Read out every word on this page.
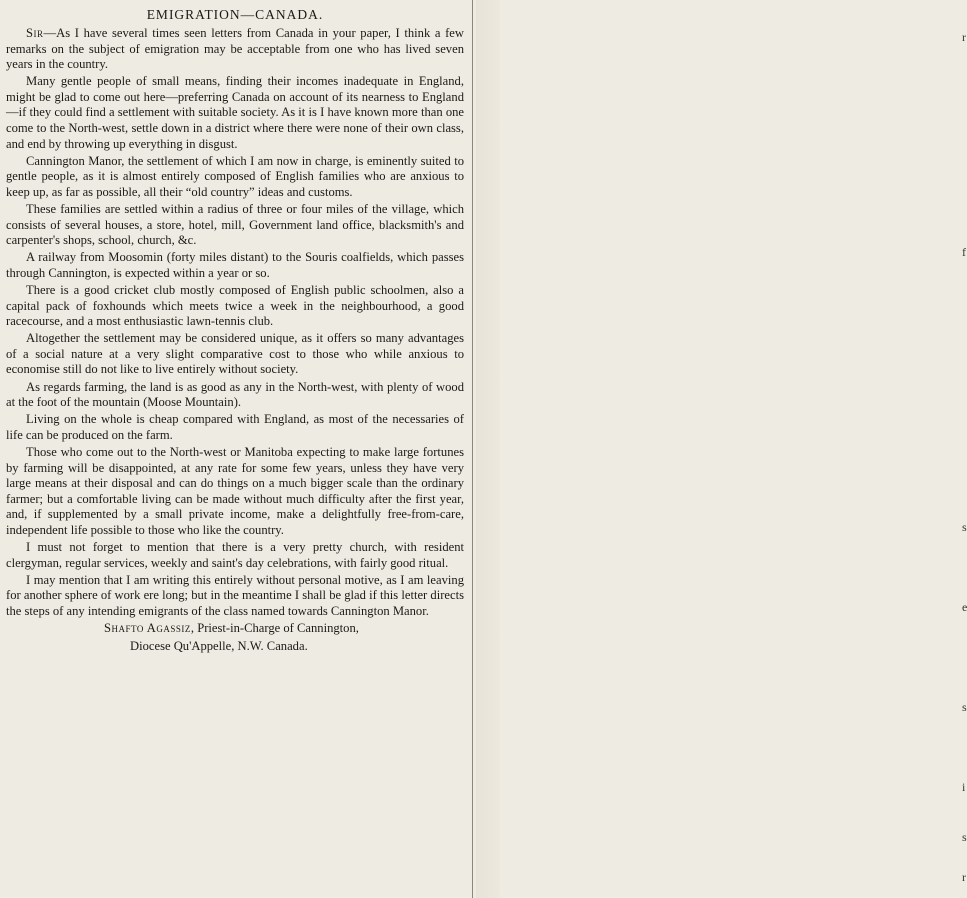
EMIGRATION—CANADA.

Sir—As I have several times seen letters from Canada in your paper, I think a few remarks on the subject of emigration may be acceptable from one who has lived seven years in the country.

Many gentle people of small means, finding their incomes inadequate in England, might be glad to come out here—preferring Canada on account of its nearness to England—if they could find a settlement with suitable society. As it is I have known more than one come to the North-west, settle down in a district where there were none of their own class, and end by throwing up everything in disgust.

Cannington Manor, the settlement of which I am now in charge, is eminently suited to gentle people, as it is almost entirely composed of English families who are anxious to keep up, as far as possible, all their “old country” ideas and customs.

These families are settled within a radius of three or four miles of the village, which consists of several houses, a store, hotel, mill, Government land office, blacksmith's and carpenter's shops, school, church, &c.

A railway from Moosomin (forty miles distant) to the Souris coalfields, which passes through Cannington, is expected within a year or so.

There is a good cricket club mostly composed of English public schoolmen, also a capital pack of foxhounds which meets twice a week in the neighbourhood, a good racecourse, and a most enthusiastic lawn-tennis club.

Altogether the settlement may be considered unique, as it offers so many advantages of a social nature at a very slight comparative cost to those who while anxious to economise still do not like to live entirely without society.

As regards farming, the land is as good as any in the North-west, with plenty of wood at the foot of the mountain (Moose Mountain).

Living on the whole is cheap compared with England, as most of the necessaries of life can be produced on the farm.

Those who come out to the North-west or Manitoba expecting to make large fortunes by farming will be disappointed, at any rate for some few years, unless they have very large means at their disposal and can do things on a much bigger scale than the ordinary farmer; but a comfortable living can be made without much difficulty after the first year, and, if supplemented by a small private income, make a delightfully free-from-care, independent life possible to those who like the country.

I must not forget to mention that there is a very pretty church, with resident clergyman, regular services, weekly and saint's day celebrations, with fairly good ritual.

I may mention that I am writing this entirely without personal motive, as I am leaving for another sphere of work ere long; but in the meantime I shall be glad if this letter directs the steps of any intending emigrants of the class named towards Cannington Manor.

Shafto Agassiz, Priest-in-Charge of Cannington,
Diocese Qu'Appelle, N.W. Canada.
r
f
s
e
s
i
s
r
